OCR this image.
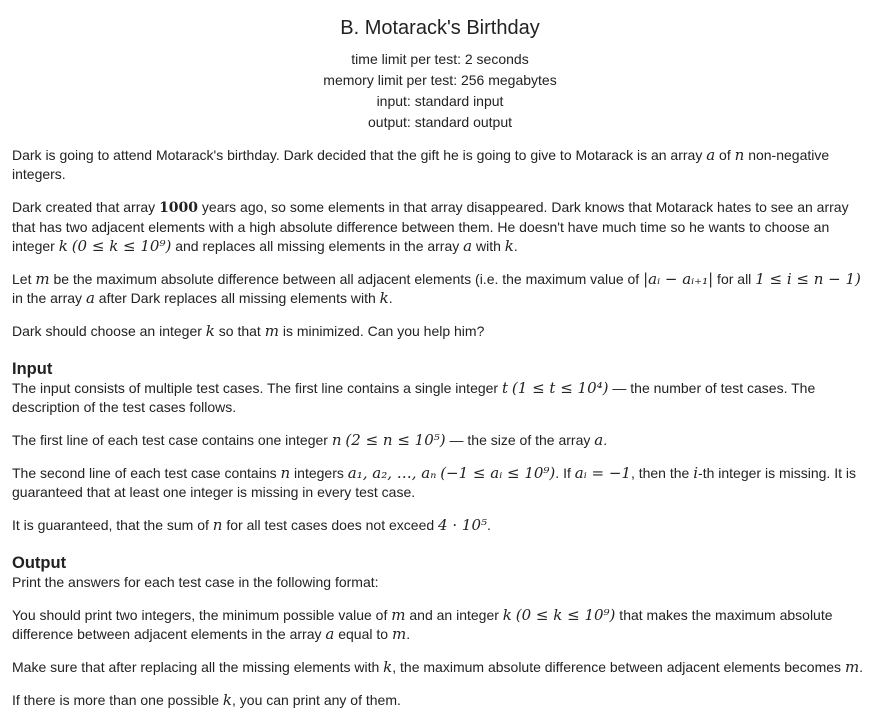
B. Motarack's Birthday
time limit per test: 2 seconds
memory limit per test: 256 megabytes
input: standard input
output: standard output

Dark is going to attend Motarack's birthday. Dark decided that the gift he is going to give to Motarack is an array a of n non-negative integers.

Dark created that array 1000 years ago, so some elements in that array disappeared. Dark knows that Motarack hates to see an array that has two adjacent elements with a high absolute difference between them. He doesn't have much time so he wants to choose an integer k (0 ≤ k ≤ 10⁹) and replaces all missing elements in the array a with k.

Let m be the maximum absolute difference between all adjacent elements (i.e. the maximum value of |aᵢ − aᵢ₊₁| for all 1 ≤ i ≤ n − 1) in the array a after Dark replaces all missing elements with k.

Dark should choose an integer k so that m is minimized. Can you help him?

Input

The input consists of multiple test cases. The first line contains a single integer t (1 ≤ t ≤ 10⁴) — the number of test cases. The description of the test cases follows.

The first line of each test case contains one integer n (2 ≤ n ≤ 10⁵) — the size of the array a.

The second line of each test case contains n integers a₁, a₂, …, aₙ (−1 ≤ aᵢ ≤ 10⁹). If aᵢ = −1, then the i-th integer is missing. It is guaranteed that at least one integer is missing in every test case.

It is guaranteed, that the sum of n for all test cases does not exceed 4 · 10⁵.

Output

Print the answers for each test case in the following format:

You should print two integers, the minimum possible value of m and an integer k (0 ≤ k ≤ 10⁹) that makes the maximum absolute difference between adjacent elements in the array a equal to m.

Make sure that after replacing all the missing elements with k, the maximum absolute difference between adjacent elements becomes m.

If there is more than one possible k, you can print any of them.
